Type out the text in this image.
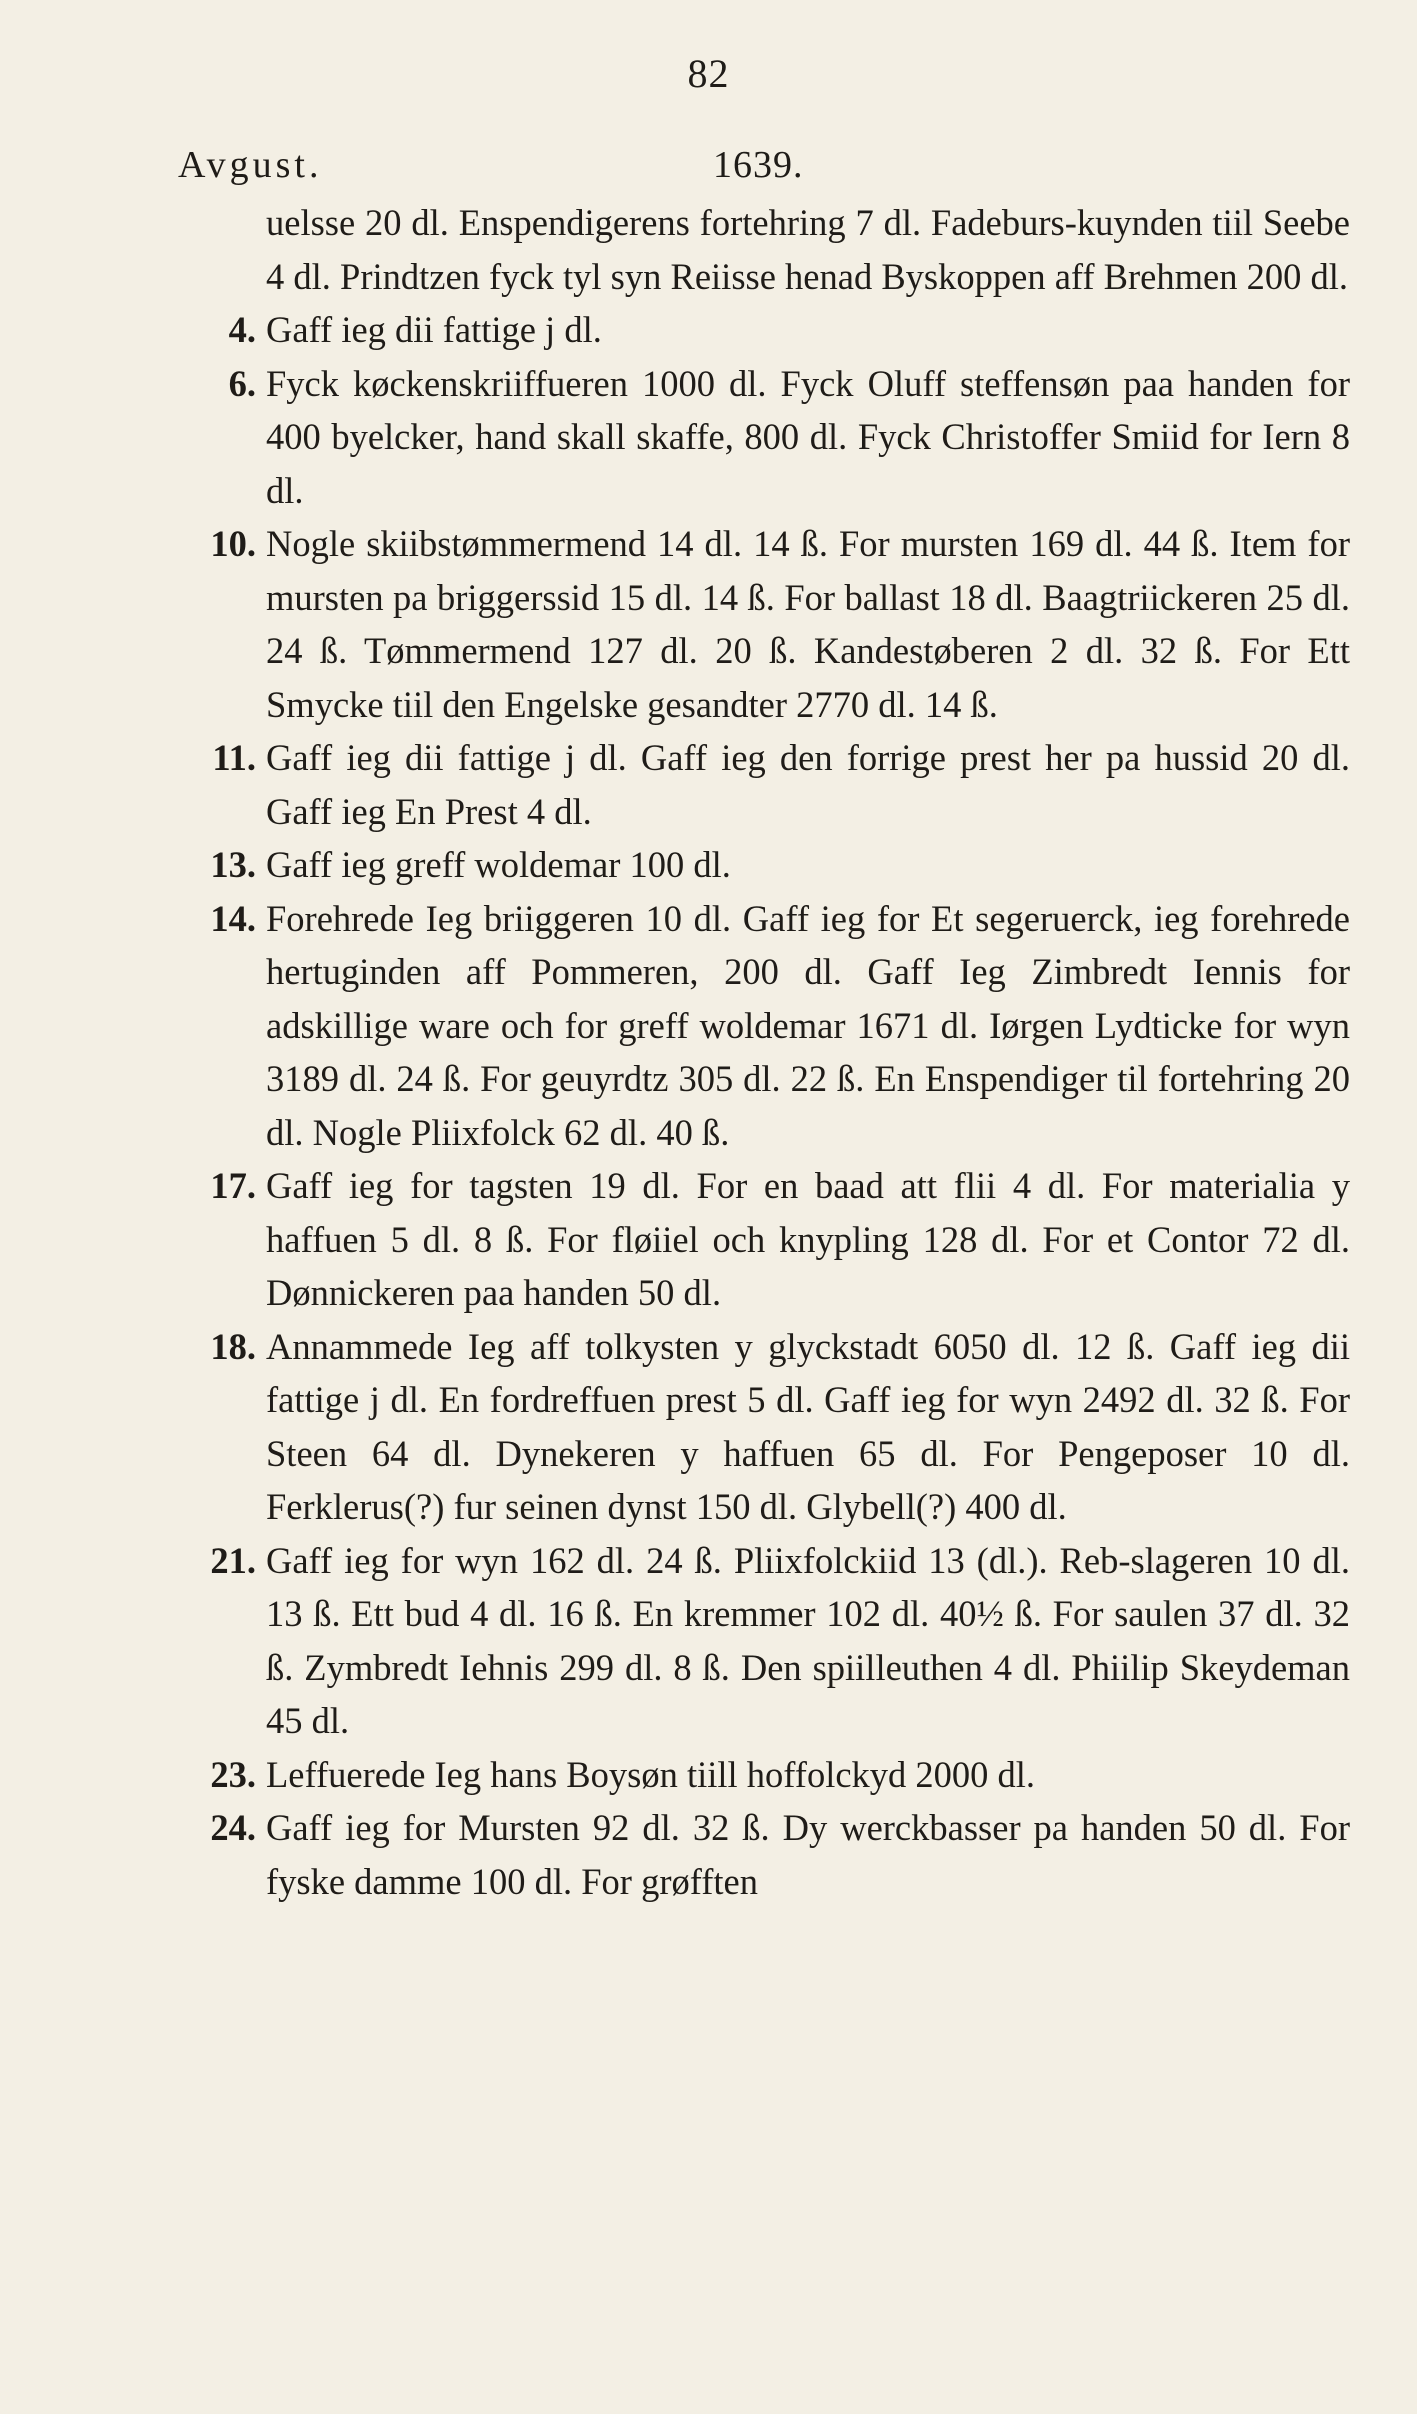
82
Avgust.	1639.
uelsse 20 dl. Enspendigerens fortehring 7 dl. Fadeburs-kuynden tiil Seebe 4 dl. Prindtzen fyck tyl syn Reiisse henad Byskoppen aff Brehmen 200 dl.
4. Gaff ieg dii fattige j dl.
6. Fyck køckenskriiffueren 1000 dl. Fyck Oluff steffensøn paa handen for 400 byelcker, hand skall skaffe, 800 dl. Fyck Christoffer Smiid for Iern 8 dl.
10. Nogle skiibstømmermend 14 dl. 14 ß. For mursten 169 dl. 44 ß. Item for mursten pa briggerssid 15 dl. 14 ß. For ballast 18 dl. Baagtriickeren 25 dl. 24 ß. Tømmermend 127 dl. 20 ß. Kandestøberen 2 dl. 32 ß. For Ett Smycke tiil den Engelske gesandter 2770 dl. 14 ß.
11. Gaff ieg dii fattige j dl. Gaff ieg den forrige prest her pa hussid 20 dl. Gaff ieg En Prest 4 dl.
13. Gaff ieg greff woldemar 100 dl.
14. Forehrede Ieg briiggeren 10 dl. Gaff ieg for Et segeruerck, ieg forehrede hertuginden aff Pommeren, 200 dl. Gaff Ieg Zimbredt Iennis for adskillige ware och for greff woldemar 1671 dl. Iørgen Lydticke for wyn 3189 dl. 24 ß. For geuyrdtz 305 dl. 22 ß. En Enspendiger til fortehring 20 dl. Nogle Pliixfolck 62 dl. 40 ß.
17. Gaff ieg for tagsten 19 dl. For en baad att flii 4 dl. For materialia y haffuen 5 dl. 8 ß. For fløiiel och knypling 128 dl. For et Contor 72 dl. Dønnickeren paa handen 50 dl.
18. Annammede Ieg aff tolkysten y glyckstadt 6050 dl. 12 ß. Gaff ieg dii fattige j dl. En fordreffuen prest 5 dl. Gaff ieg for wyn 2492 dl. 32 ß. For Steen 64 dl. Dynekeren y haffuen 65 dl. For Pengeposer 10 dl. Ferklerus(?) fur seinen dynst 150 dl. Glybell(?) 400 dl.
21. Gaff ieg for wyn 162 dl. 24 ß. Pliixfolckiid 13 (dl.). Reb-slageren 10 dl. 13 ß. Ett bud 4 dl. 16 ß. En kremmer 102 dl. 40½ ß. For saulen 37 dl. 32 ß. Zymbredt Iehnis 299 dl. 8 ß. Den spiilleuthen 4 dl. Phiilip Skeydeman 45 dl.
23. Leffuerede Ieg hans Boysøn tiill hoffolckyd 2000 dl.
24. Gaff ieg for Mursten 92 dl. 32 ß. Dy werckbasser pa handen 50 dl. For fyske damme 100 dl. For grøfften
